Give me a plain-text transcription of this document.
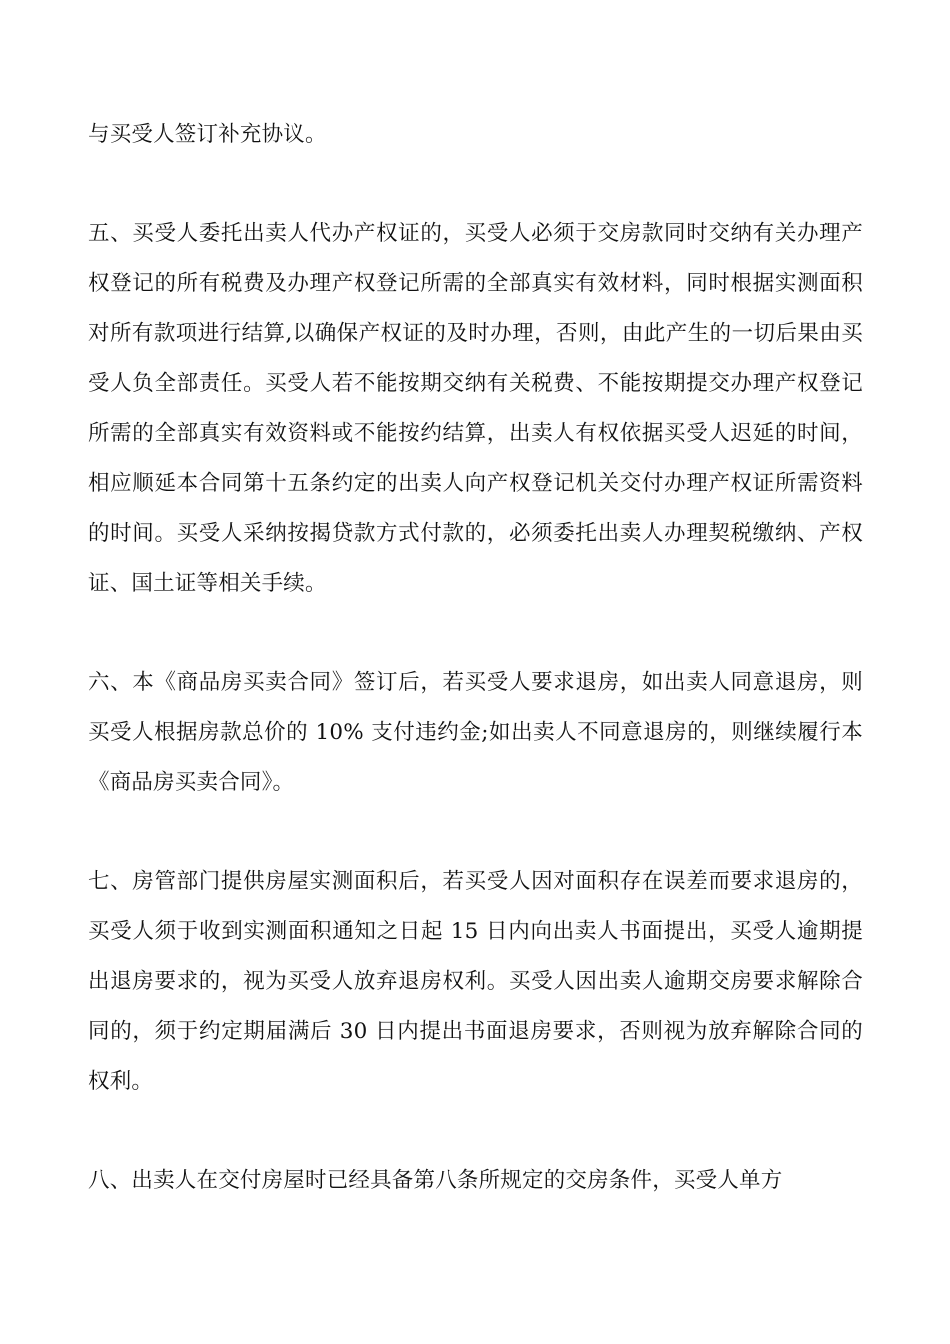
与买受人签订补充协议。

五、买受人委托出卖人代办产权证的，买受人必须于交房款同时交纳有关办理产权登记的所有税费及办理产权登记所需的全部真实有效材料，同时根据实测面积对所有款项进行结算,以确保产权证的及时办理，否则，由此产生的一切后果由买受人负全部责任。买受人若不能按期交纳有关税费、不能按期提交办理产权登记所需的全部真实有效资料或不能按约结算，出卖人有权依据买受人迟延的时间，相应顺延本合同第十五条约定的出卖人向产权登记机关交付办理产权证所需资料的时间。买受人采纳按揭贷款方式付款的，必须委托出卖人办理契税缴纳、产权证、国土证等相关手续。

六、本《商品房买卖合同》签订后，若买受人要求退房，如出卖人同意退房，则买受人根据房款总价的 10% 支付违约金;如出卖人不同意退房的，则继续履行本《商品房买卖合同》。

七、房管部门提供房屋实测面积后，若买受人因对面积存在误差而要求退房的，买受人须于收到实测面积通知之日起 15 日内向出卖人书面提出，买受人逾期提出退房要求的，视为买受人放弃退房权利。买受人因出卖人逾期交房要求解除合同的，须于约定期届满后 30 日内提出书面退房要求，否则视为放弃解除合同的权利。

八、出卖人在交付房屋时已经具备第八条所规定的交房条件，买受人单方
